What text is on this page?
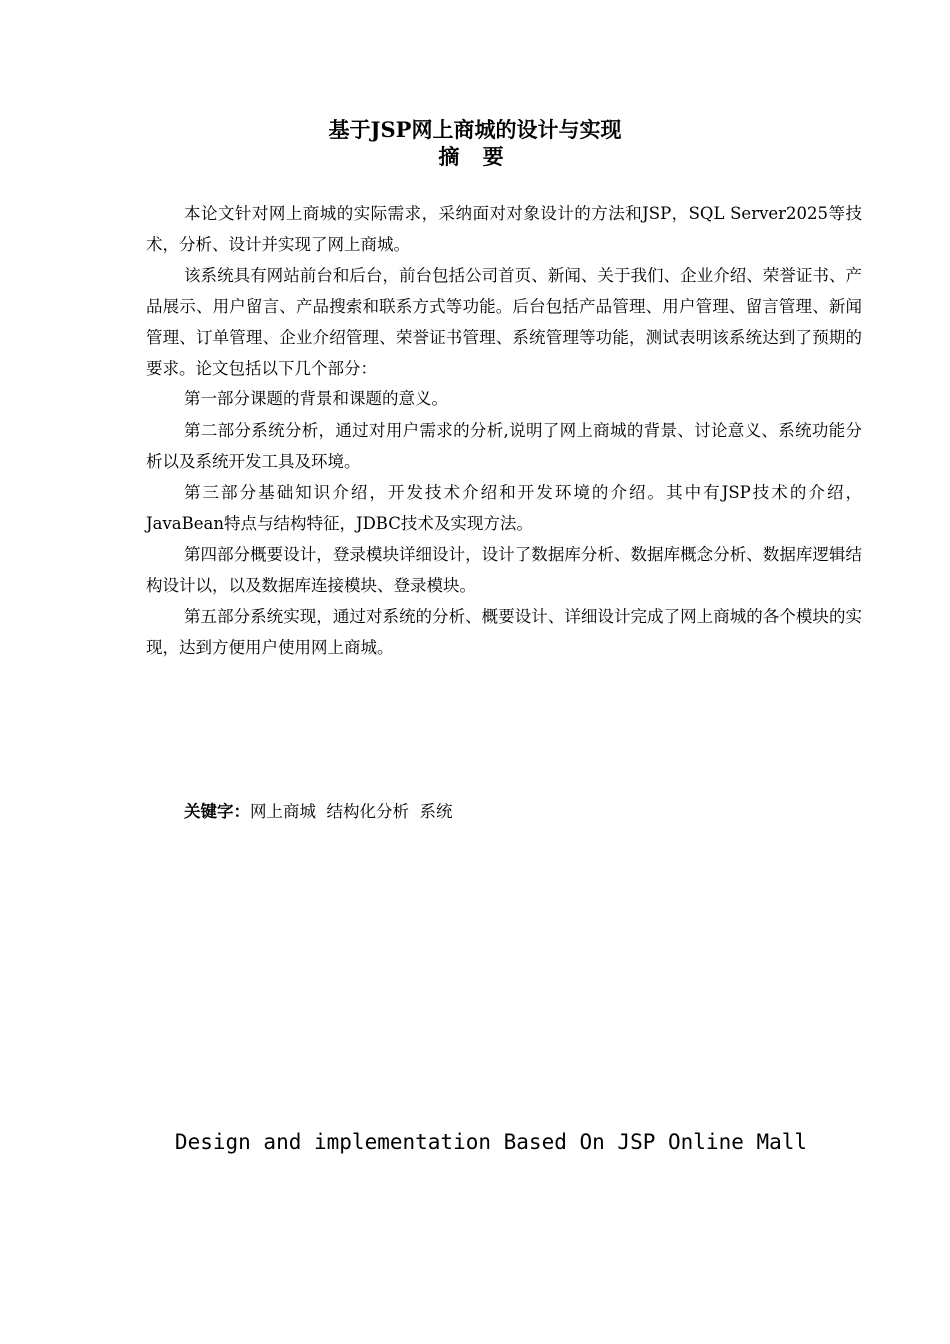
基于JSP网上商城的设计与实现
摘 要

本论文针对网上商城的实际需求，采纳面对对象设计的方法和JSP，SQL Server2025等技术，分析、设计并实现了网上商城。

该系统具有网站前台和后台，前台包括公司首页、新闻、关于我们、企业介绍、荣誉证书、产品展示、用户留言、产品搜索和联系方式等功能。后台包括产品管理、用户管理、留言管理、新闻管理、订单管理、企业介绍管理、荣誉证书管理、系统管理等功能，测试表明该系统达到了预期的要求。论文包括以下几个部分：

第一部分课题的背景和课题的意义。

第二部分系统分析，通过对用户需求的分析,说明了网上商城的背景、讨论意义、系统功能分析以及系统开发工具及环境。

第三部分基础知识介绍，开发技术介绍和开发环境的介绍。其中有JSP技术的介绍，JavaBean特点与结构特征，JDBC技术及实现方法。

第四部分概要设计，登录模块详细设计，设计了数据库分析、数据库概念分析、数据库逻辑结构设计以，以及数据库连接模块、登录模块。

第五部分系统实现，通过对系统的分析、概要设计、详细设计完成了网上商城的各个模块的实现，达到方便用户使用网上商城。

关键字：网上商城  结构化分析  系统
Design and implementation Based On JSP Online Mall
